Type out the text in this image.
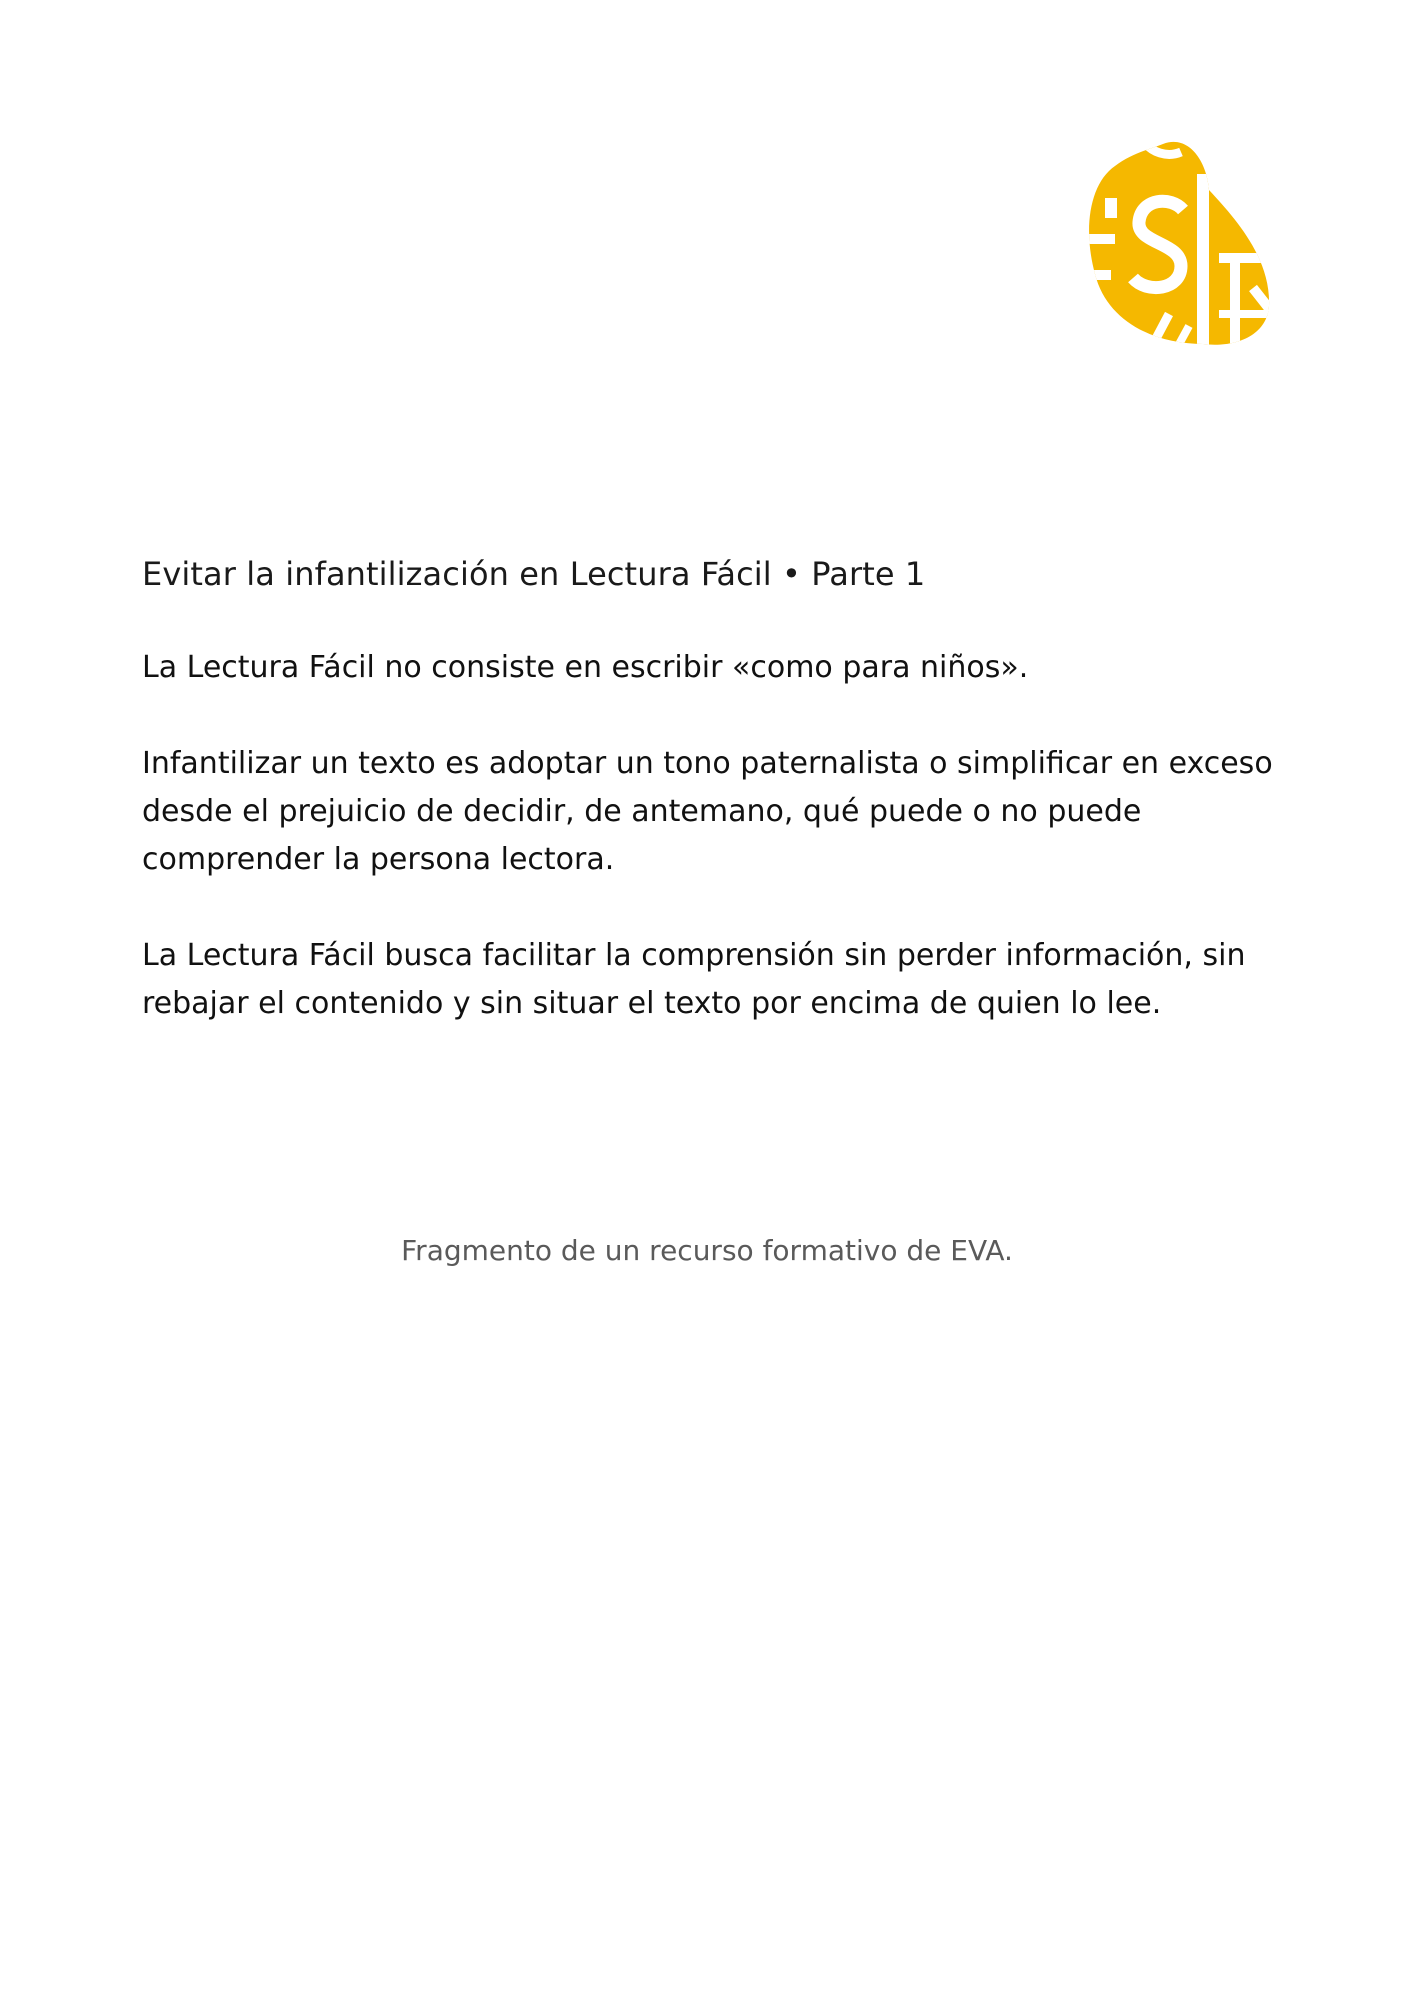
Evitar la infantilización en Lectura Fácil • Parte 1

La Lectura Fácil no consiste en escribir «como para niños».

Infantilizar un texto es adoptar un tono paternalista o simplificar en exceso desde el prejuicio de decidir, de antemano, qué puede o no puede comprender la persona lectora.

La Lectura Fácil busca facilitar la comprensión sin perder información, sin rebajar el contenido y sin situar el texto por encima de quien lo lee.

Fragmento de un recurso formativo de EVA.
